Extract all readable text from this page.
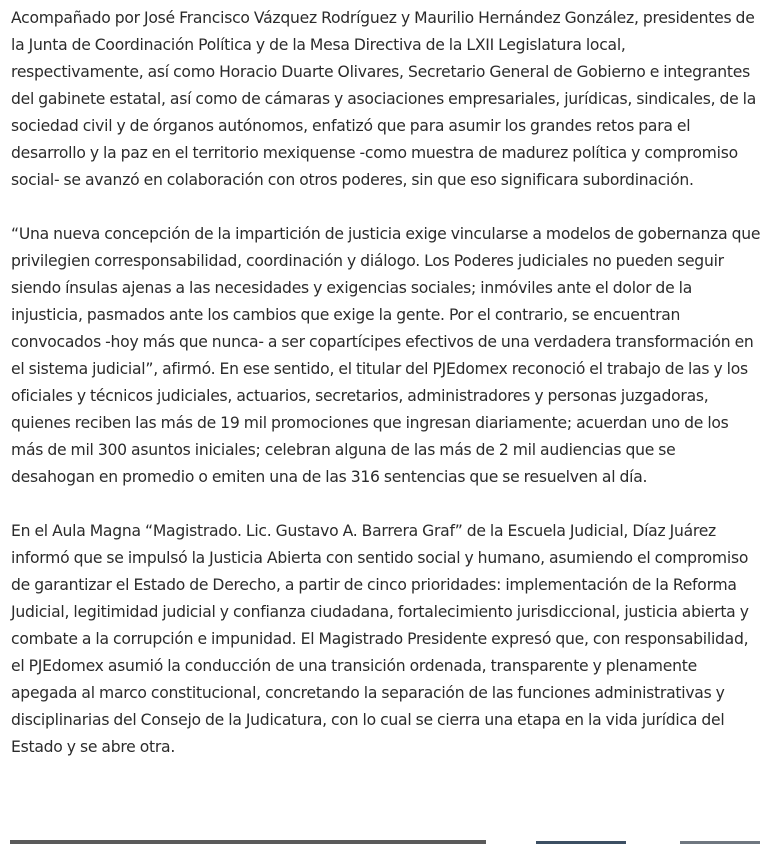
Acompañado por José Francisco Vázquez Rodríguez y Maurilio Hernández González, presidentes de la Junta de Coordinación Política y de la Mesa Directiva de la LXII Legislatura local, respectivamente, así como Horacio Duarte Olivares, Secretario General de Gobierno e integrantes del gabinete estatal, así como de cámaras y asociaciones empresariales, jurídicas, sindicales, de la sociedad civil y de órganos autónomos, enfatizó que para asumir los grandes retos para el desarrollo y la paz en el territorio mexiquense -como muestra de madurez política y compromiso social- se avanzó en colaboración con otros poderes, sin que eso significara subordinación.

“Una nueva concepción de la impartición de justicia exige vincularse a modelos de gobernanza que privilegien corresponsabilidad, coordinación y diálogo. Los Poderes judiciales no pueden seguir siendo ínsulas ajenas a las necesidades y exigencias sociales; inmóviles ante el dolor de la injusticia, pasmados ante los cambios que exige la gente. Por el contrario, se encuentran convocados -hoy más que nunca- a ser copartícipes efectivos de una verdadera transformación en el sistema judicial”, afirmó. En ese sentido, el titular del PJEdomex reconoció el trabajo de las y los oficiales y técnicos judiciales, actuarios, secretarios, administradores y personas juzgadoras, quienes reciben las más de 19 mil promociones que ingresan diariamente; acuerdan uno de los más de mil 300 asuntos iniciales; celebran alguna de las más de 2 mil audiencias que se desahogan en promedio o emiten una de las 316 sentencias que se resuelven al día.

En el Aula Magna “Magistrado. Lic. Gustavo A. Barrera Graf” de la Escuela Judicial, Díaz Juárez informó que se impulsó la Justicia Abierta con sentido social y humano, asumiendo el compromiso de garantizar el Estado de Derecho, a partir de cinco prioridades: implementación de la Reforma Judicial, legitimidad judicial y confianza ciudadana, fortalecimiento jurisdiccional, justicia abierta y combate a la corrupción e impunidad. El Magistrado Presidente expresó que, con responsabilidad, el PJEdomex asumió la conducción de una transición ordenada, transparente y plenamente apegada al marco constitucional, concretando la separación de las funciones administrativas y disciplinarias del Consejo de la Judicatura, con lo cual se cierra una etapa en la vida jurídica del Estado y se abre otra.
